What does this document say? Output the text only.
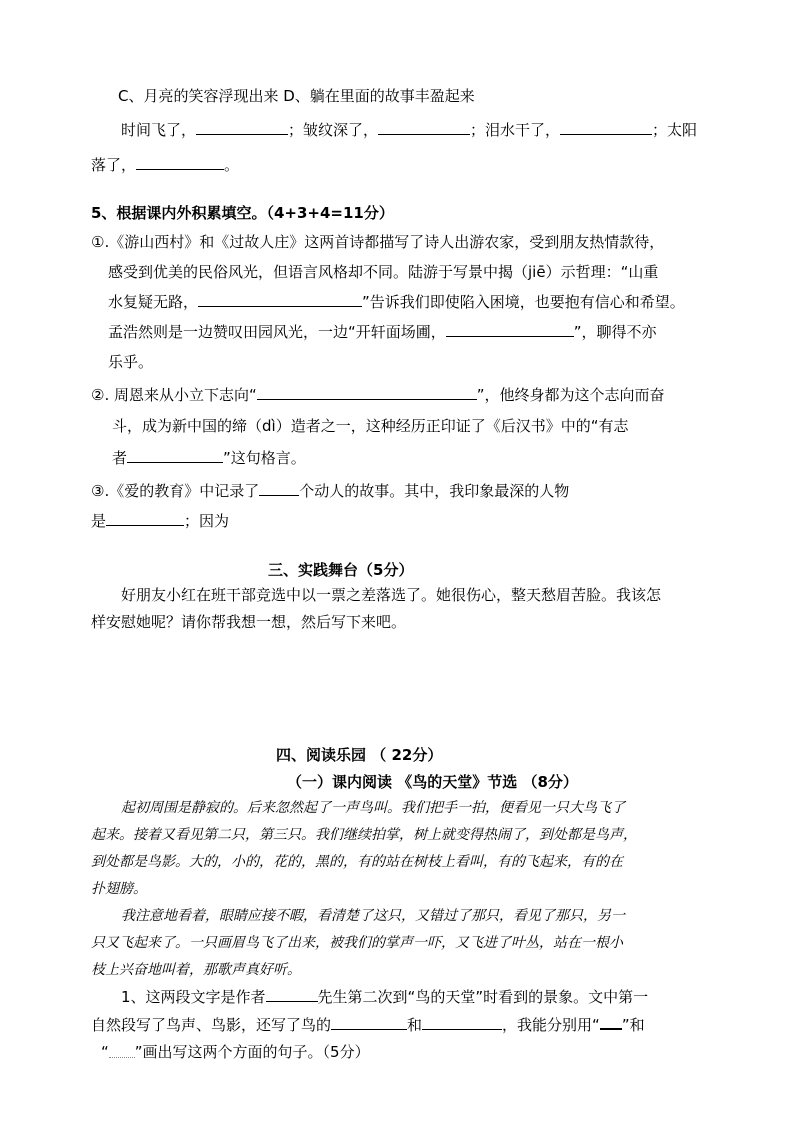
C、月亮的笑容浮现出来 D、躺在里面的故事丰盈起来
时间飞了，	；皱纹深了，	；泪水干了，	；太阳
落了，	。
5、根据课内外积累填空。（4+3+4=11分）
①.《游山西村》和《过故人庄》这两首诗都描写了诗人出游农家，受到朋友热情款待，
感受到优美的民俗风光，但语言风格却不同。陆游于写景中揭（jiē）示哲理：“山重
水复疑无路，	”告诉我们即使陷入困境，也要抱有信心和希望。
孟浩然则是一边赞叹田园风光，一边“开轩面场圃，	”，聊得不亦
乐乎。
②. 周恩来从小立下志向“	”，他终身都为这个志向而奋
斗，成为新中国的缔（dì）造者之一，这种经历正印证了《后汉书》中的“有志
者	”这句格言。
③.《爱的教育》中记录了	个动人的故事。其中，我印象最深的人物
是	；因为
三、实践舞台（5分）
好朋友小红在班干部竞选中以一票之差落选了。她很伤心，整天愁眉苦脸。我该怎
样安慰她呢？请你帮我想一想，然后写下来吧。
四、阅读乐园 （ 22分）
（一）课内阅读 《鸟的天堂》节选 （8分）
起初周围是静寂的。后来忽然起了一声鸟叫。我们把手一拍，便看见一只大鸟飞了
起来。接着又看见第二只，第三只。我们继续拍掌，树上就变得热闹了，到处都是鸟声，
到处都是鸟影。大的，小的，花的，黑的，有的站在树枝上看叫，有的飞起来，有的在
扑翅膀。
我注意地看着，眼睛应接不暇，看清楚了这只，又错过了那只，看见了那只，另一
只又飞起来了。一只画眉鸟飞了出来，被我们的掌声一吓，又飞进了叶丛，站在一根小
枝上兴奋地叫着，那歌声真好听。
1、这两段文字是作者	先生第二次到“鸟的天堂”时看到的景象。文中第一
自然段写了鸟声、鸟影，还写了鸟的	和	，我能分别用“ ”和
“ ”画出写这两个方面的句子。（5分）
